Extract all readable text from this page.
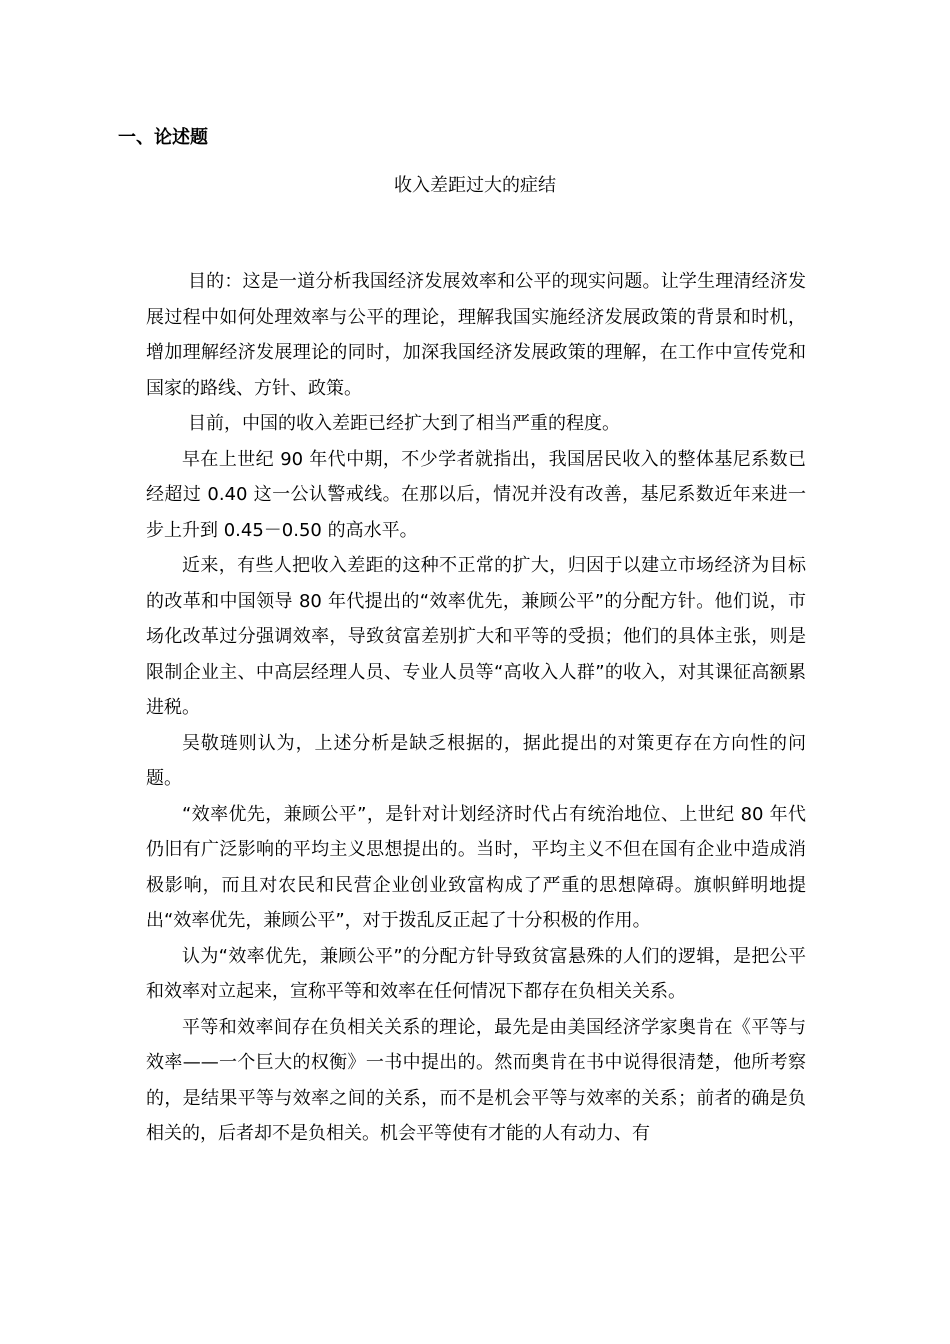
一、论述题
收入差距过大的症结

目的：这是一道分析我国经济发展效率和公平的现实问题。让学生理清经济发展过程中如何处理效率与公平的理论，理解我国实施经济发展政策的背景和时机，增加理解经济发展理论的同时，加深我国经济发展政策的理解，在工作中宣传党和国家的路线、方针、政策。

目前，中国的收入差距已经扩大到了相当严重的程度。

早在上世纪 90 年代中期，不少学者就指出，我国居民收入的整体基尼系数已经超过 0.40 这一公认警戒线。在那以后，情况并没有改善，基尼系数近年来进一步上升到 0.45－0.50 的高水平。

近来，有些人把收入差距的这种不正常的扩大，归因于以建立市场经济为目标的改革和中国领导 80 年代提出的“效率优先，兼顾公平”的分配方针。他们说，市场化改革过分强调效率，导致贫富差别扩大和平等的受损；他们的具体主张，则是限制企业主、中高层经理人员、专业人员等“高收入人群”的收入，对其课征高额累进税。

吴敬琏则认为，上述分析是缺乏根据的，据此提出的对策更存在方向性的问题。

“效率优先，兼顾公平”，是针对计划经济时代占有统治地位、上世纪 80 年代仍旧有广泛影响的平均主义思想提出的。当时，平均主义不但在国有企业中造成消极影响，而且对农民和民营企业创业致富构成了严重的思想障碍。旗帜鲜明地提出“效率优先，兼顾公平”，对于拨乱反正起了十分积极的作用。

认为“效率优先，兼顾公平”的分配方针导致贫富悬殊的人们的逻辑，是把公平和效率对立起来，宣称平等和效率在任何情况下都存在负相关关系。

平等和效率间存在负相关关系的理论，最先是由美国经济学家奥肯在《平等与效率——一个巨大的权衡》一书中提出的。然而奥肯在书中说得很清楚，他所考察的，是结果平等与效率之间的关系，而不是机会平等与效率的关系；前者的确是负相关的，后者却不是负相关。机会平等使有才能的人有动力、有
